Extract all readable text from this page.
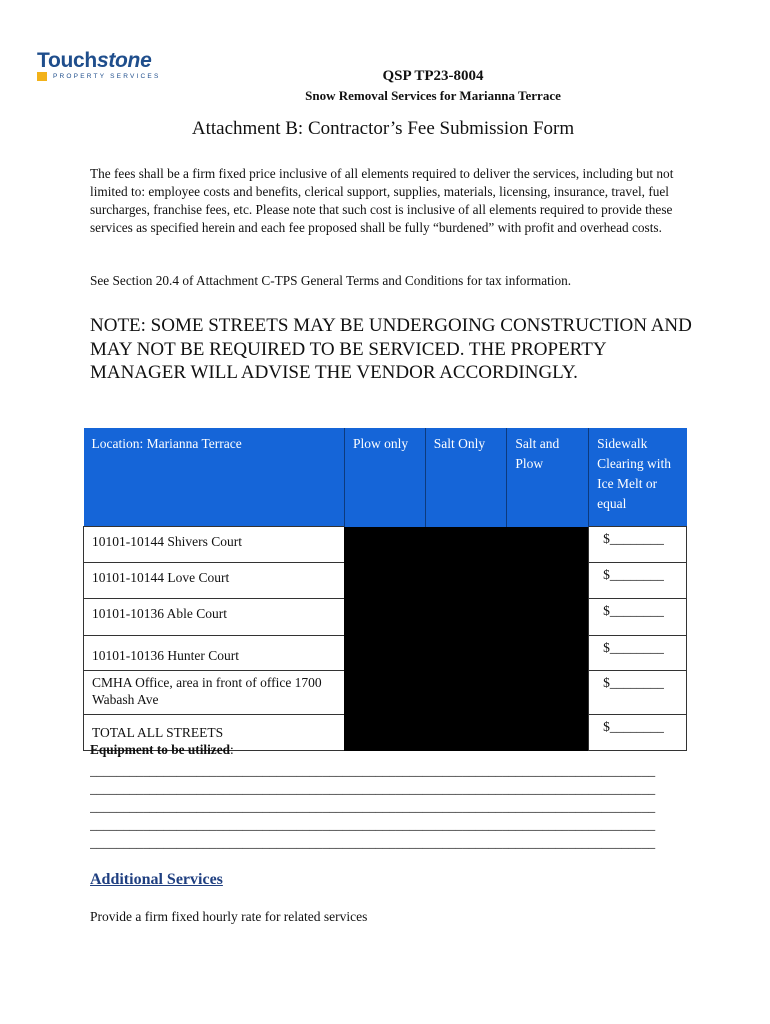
Touchstone
PROPERTY SERVICES	QSP TP23-8004
Snow Removal Services for Marianna Terrace
Attachment B: Contractor’s Fee Submission Form
The fees shall be a firm fixed price inclusive of all elements required to deliver the services, including but not limited to: employee costs and benefits, clerical support, supplies, materials, licensing, insurance, travel, fuel surcharges, franchise fees, etc. Please note that such cost is inclusive of all elements required to provide these services as specified herein and each fee proposed shall be fully “burdened” with profit and overhead costs.
See Section 20.4 of Attachment C-TPS General Terms and Conditions for tax information.
NOTE: SOME STREETS MAY BE UNDERGOING CONSTRUCTION AND MAY NOT BE REQUIRED TO BE SERVICED. THE PROPERTY MANAGER WILL ADVISE THE VENDOR ACCORDINGLY.
Location: Marianna Terrace	Plow only	Salt Only	Salt and Plow	Sidewalk Clearing with Ice Melt or equal

10101-10144 Shivers Court				$________

10101-10144 Love Court				$________

10101-10136 Able Court				$________

10101-10136 Hunter Court				$________

CMHA Office, area in front of office 1700 Wabash Ave				$________

TOTAL ALL STREETS				$________
Equipment to be utilized:
_____________________________________________________________________________________
_____________________________________________________________________________________
_____________________________________________________________________________________
_____________________________________________________________________________________
_____________________________________________________________________________________
Additional Services
Provide a firm fixed hourly rate for related services
